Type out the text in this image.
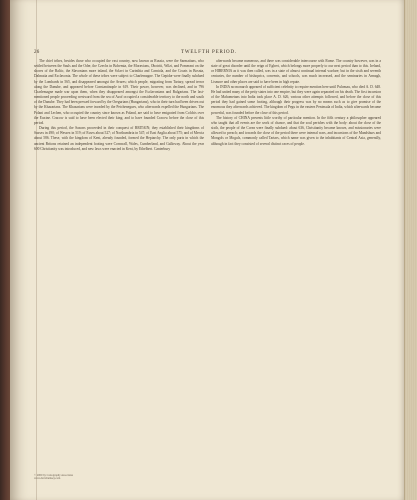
26	TWELFTH PERIOD.

The chief tribes, besides those who occupied the vast country, now known as Russia, were the Sarmatians, who settled between the Sauls and the Oder, the Czechs in Bohemia, the Moravians, Obotriti, Wilzi, and Pomerani on the shores of the Baltic, the Slavonians more inland, the Sclavi in Carinthia and Carniola, and the Croats in Bosnia, Dalmatia and Esclavonia. The whole of these tribes were subject to Charlemagne. The Gepidæ were finally subdued by the Lombards in 565, and disappeared amongst the Avares; which people, migrating from Tartary, spread terror along the Danube, and appeared before Constantinople in 619. Their power, however, was declined, and in 796 Charlemagne made war upon them, when they disappeared amongst the Esclavonians and Bulgarians. The last-mentioned people proceeding westward from the sea of Azof occupied a considerable territory to the north and south of the Danube. They had been pressed forward by the Oregurians (Hungarians), who in their turn had been driven out by the Khazarians. The Khazarians were invaded by the Petchenegues, who afterwards expelled the Hungarians. The Polani and Lechen, who occupied the country since known as Poland, are said to have emigrated from Colchis over the Euxine. Cracow is said to have been elected their king; and to have founded Cracow before the close of this period.

During this period, the Saxons proceeded in their conquest of BRITAIN; they established their kingdoms of Sussex in 490; of Wessex in 519; of Essex about 527; of Northumbria in 547; of East Anglia about 575; and of Mercia about 586. These, with the kingdom of Kent, already founded, formed the Heptarchy. The only parts in which the ancient Britons retained an independent footing were Cornwall, Wales, Cumberland, and Galloway. About the year 600 Christianity was introduced, and new laws were enacted in Kent, by Ethelbert. Canterbury

afterwards became numerous, and there was considerable intercourse with Rome. The country however, was in a state of great disorder until the reign of Egbert, which belongs more properly to our next period than to this. Ireland, or HIBERNIA as it was then called, was in a state of almost continual internal warfare; but in the sixth and seventh centuries, the number of bishoprics, convents, and schools, was much increased, and the seminaries in Armagh, Lismore and other places are said to have been in high repute.

In INDIA no monarch appeared of sufficient celebrity to require mention here until Pulomau, who died A. D. 648. He had united many of the petty states into one empire, but they were again separated on his death. The first incursion of the Mahometans into India took place A. D. 626, various other attempts followed, and before the close of this period they had gained some footing, although their progress was by no means such as to give promise of the enormous they afterwards achieved. The kingdom of Pegu in the eastern Peninsula of India, which afterwards became powerful, was founded before the close of this period.

The history of CHINA presents little worthy of particular mention. In the fifth century a philosopher appeared who taught that all events are the work of chance, and that the soul perishes with the body: about the close of the sixth, the people of the Corea were finally subdued: about 636, Christianity became known, and missionaries were allowed to preach; and towards the close of the period there were internal wars, and incursions of the Mandshurs and Mongols or Moguls, commonly called Tartars, which name was given to the inhabitants of Central Asia, generally, although in fact they consisted of several distinct races of people.

© 2000 by Cartography Associates
www.davidrumsey.com
